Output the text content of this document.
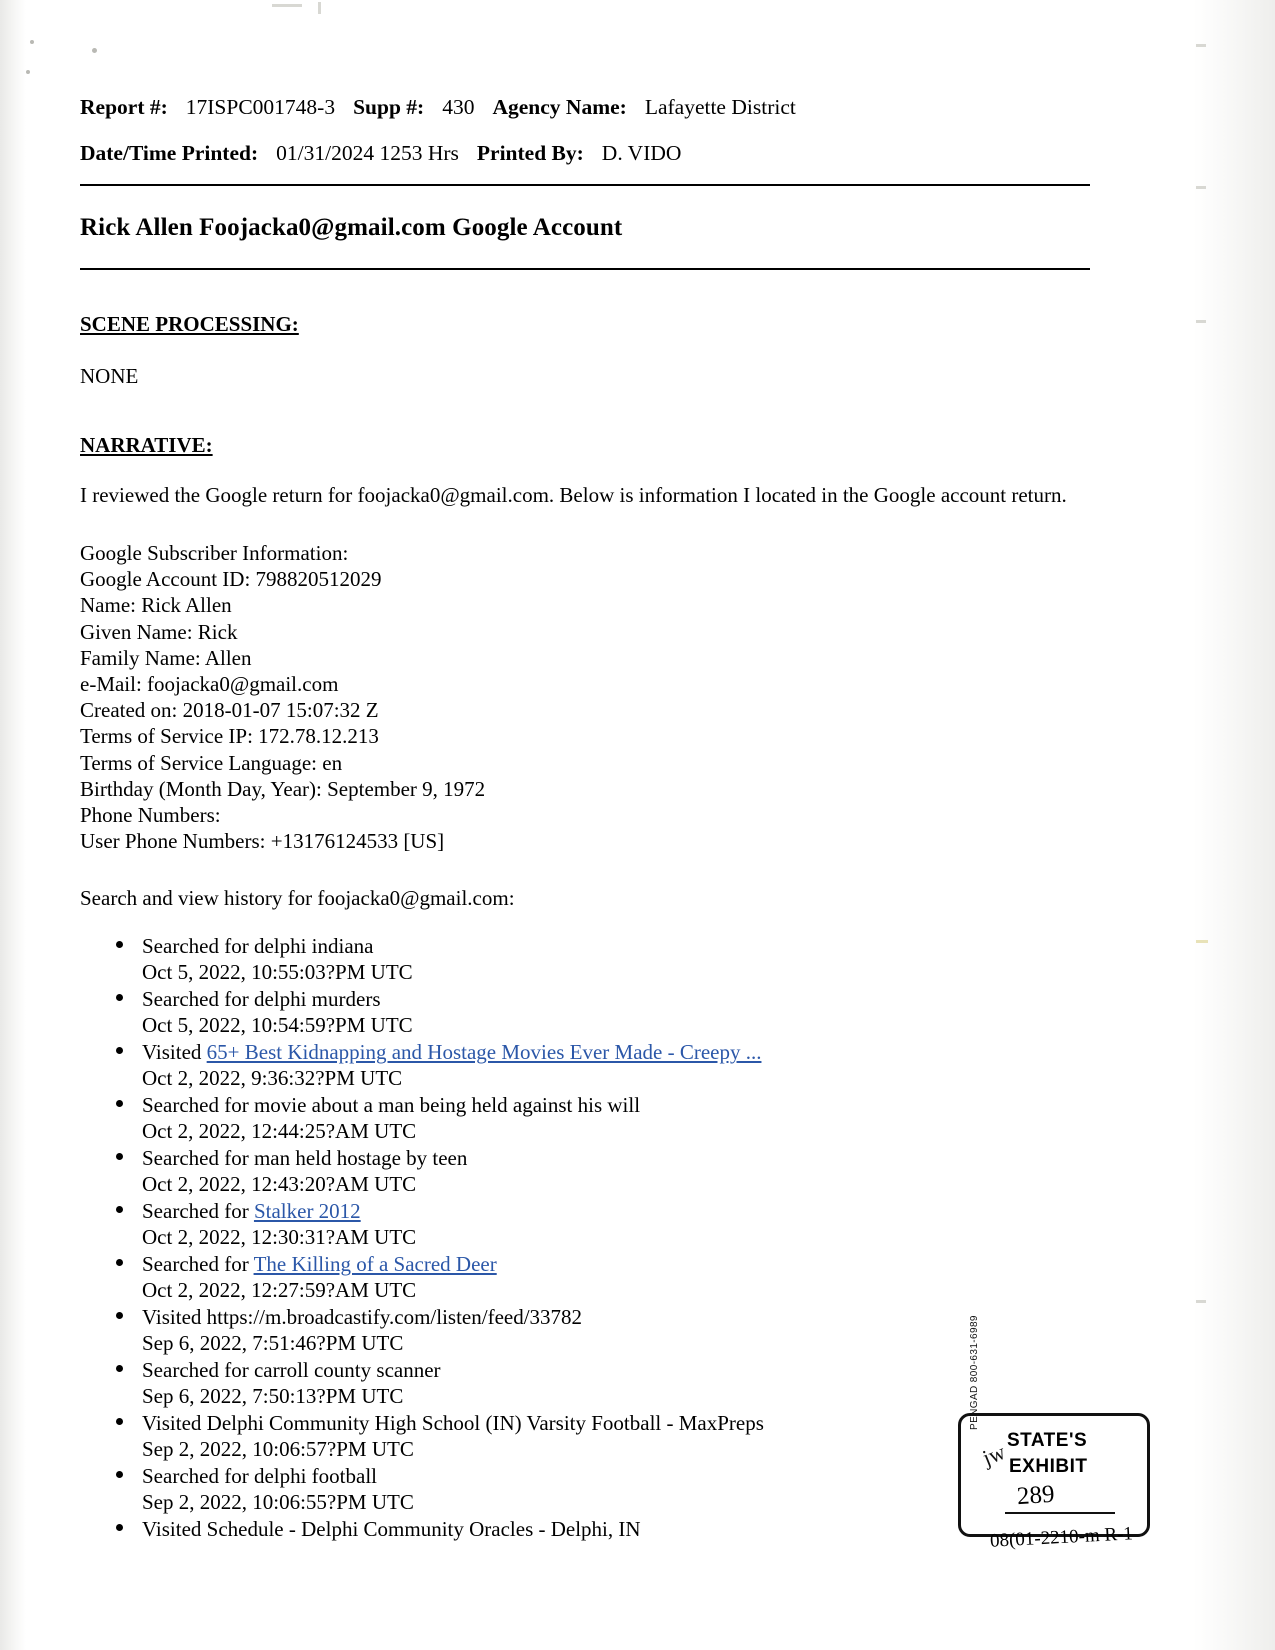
Report #: 17ISPC001748-3 Supp #: 430 Agency Name: Lafayette District
Date/Time Printed: 01/31/2024 1253 Hrs Printed By: D. VIDO
Rick Allen Foojacka0@gmail.com Google Account
SCENE PROCESSING:
NONE
NARRATIVE:
I reviewed the Google return for foojacka0@gmail.com. Below is information I located in the Google account return.
Google Subscriber Information:
Google Account ID: 798820512029
Name: Rick Allen
Given Name: Rick
Family Name: Allen
e-Mail: foojacka0@gmail.com
Created on: 2018-01-07 15:07:32 Z
Terms of Service IP: 172.78.12.213
Terms of Service Language: en
Birthday (Month Day, Year): September 9, 1972
Phone Numbers:
User Phone Numbers: +13176124533 [US]
Search and view history for foojacka0@gmail.com:
Searched for delphi indiana
Oct 5, 2022, 10:55:03?PM UTC
Searched for delphi murders
Oct 5, 2022, 10:54:59?PM UTC
Visited 65+ Best Kidnapping and Hostage Movies Ever Made - Creepy ...
Oct 2, 2022, 9:36:32?PM UTC
Searched for movie about a man being held against his will
Oct 2, 2022, 12:44:25?AM UTC
Searched for man held hostage by teen
Oct 2, 2022, 12:43:20?AM UTC
Searched for Stalker 2012
Oct 2, 2022, 12:30:31?AM UTC
Searched for The Killing of a Sacred Deer
Oct 2, 2022, 12:27:59?AM UTC
Visited https://m.broadcastify.com/listen/feed/33782
Sep 6, 2022, 7:51:46?PM UTC
Searched for carroll county scanner
Sep 6, 2022, 7:50:13?PM UTC
Visited Delphi Community High School (IN) Varsity Football - MaxPreps
Sep 2, 2022, 10:06:57?PM UTC
Searched for delphi football
Sep 2, 2022, 10:06:55?PM UTC
Visited Schedule - Delphi Community Oracles - Delphi, IN
PENGAD 800-631-6989
jw
STATE'S
EXHIBIT
289
08(01-2210-m R-1
